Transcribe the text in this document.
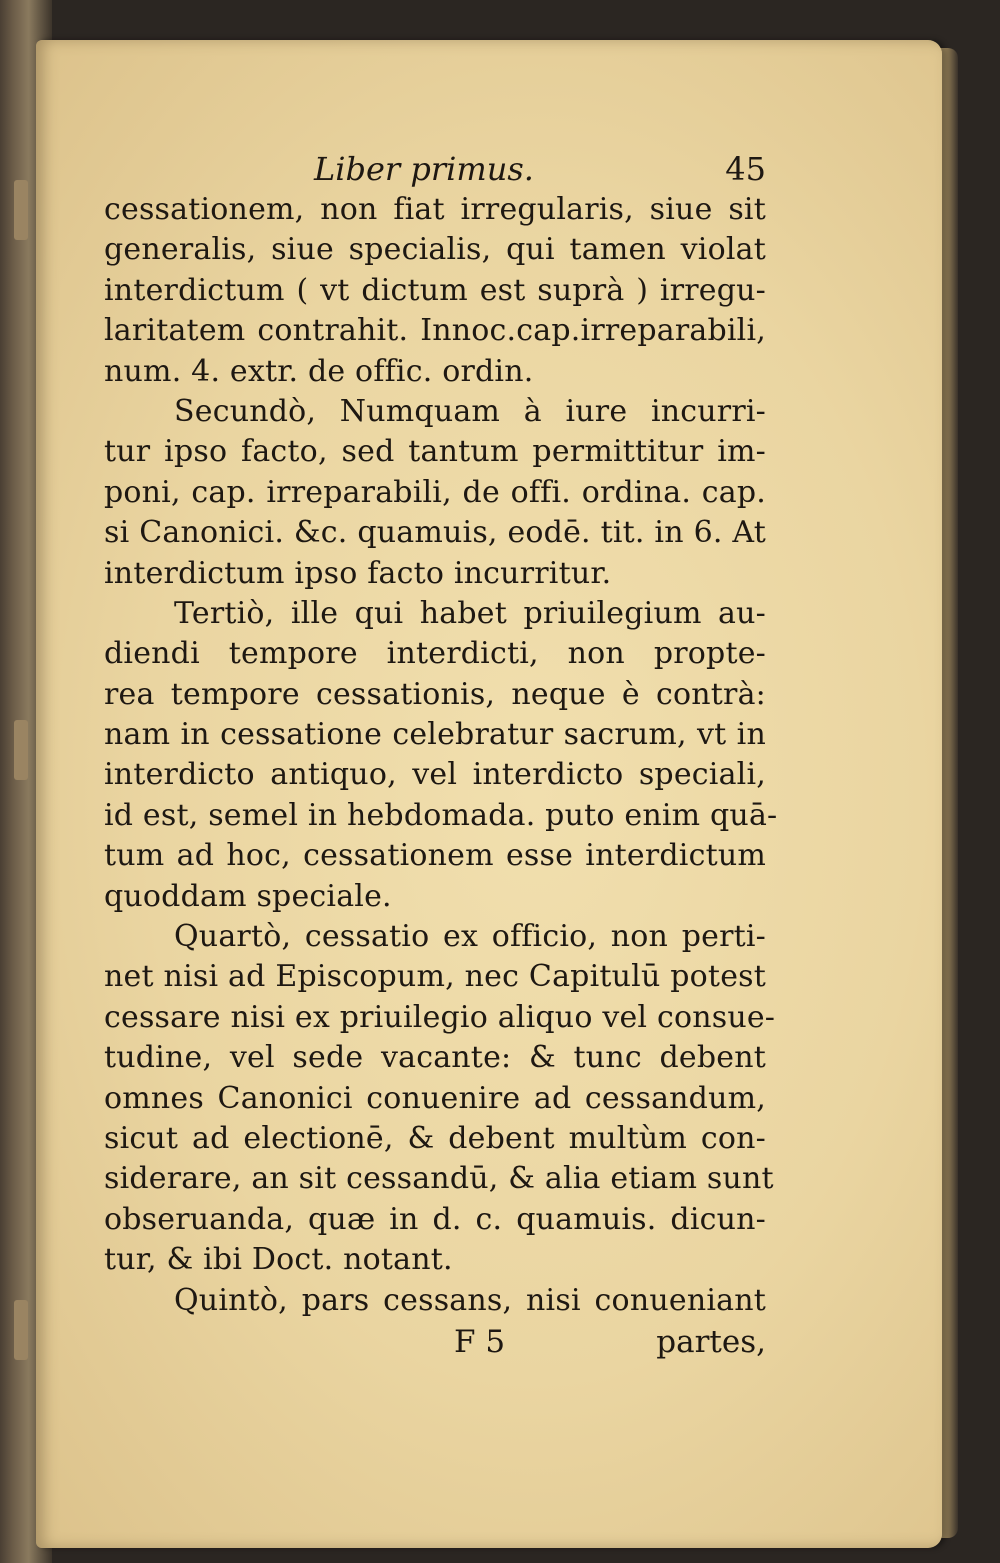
Liber primus.	45
cessationem, non fiat irregularis, siue sit
generalis, siue specialis, qui tamen violat
interdictum ( vt dictum est suprà ) irregu-
laritatem contrahit. Innoc.cap.irreparabili,
num. 4. extr. de offic. ordin.
Secundò, Numquam à iure incurri-
tur ipso facto, sed tantum permittitur im-
poni, cap. irreparabili, de offi. ordina. cap.
si Canonici. &c. quamuis, eodē. tit. in 6. At
interdictum ipso facto incurritur.
Tertiò, ille qui habet priuilegium au-
diendi tempore interdicti, non propte-
rea tempore cessationis, neque è contrà:
nam in cessatione celebratur sacrum, vt in
interdicto antiquo, vel interdicto speciali,
id est, semel in hebdomada. puto enim quā-
tum ad hoc, cessationem esse interdictum
quoddam speciale.
Quartò, cessatio ex officio, non perti-
net nisi ad Episcopum, nec Capitulū potest
cessare nisi ex priuilegio aliquo vel consue-
tudine, vel sede vacante: & tunc debent
omnes Canonici conuenire ad cessandum,
sicut ad electionē, & debent multùm con-
siderare, an sit cessandū, & alia etiam sunt
obseruanda, quæ in d. c. quamuis. dicun-
tur, & ibi Doct. notant.
Quintò, pars cessans, nisi conueniant
F 5	partes,
